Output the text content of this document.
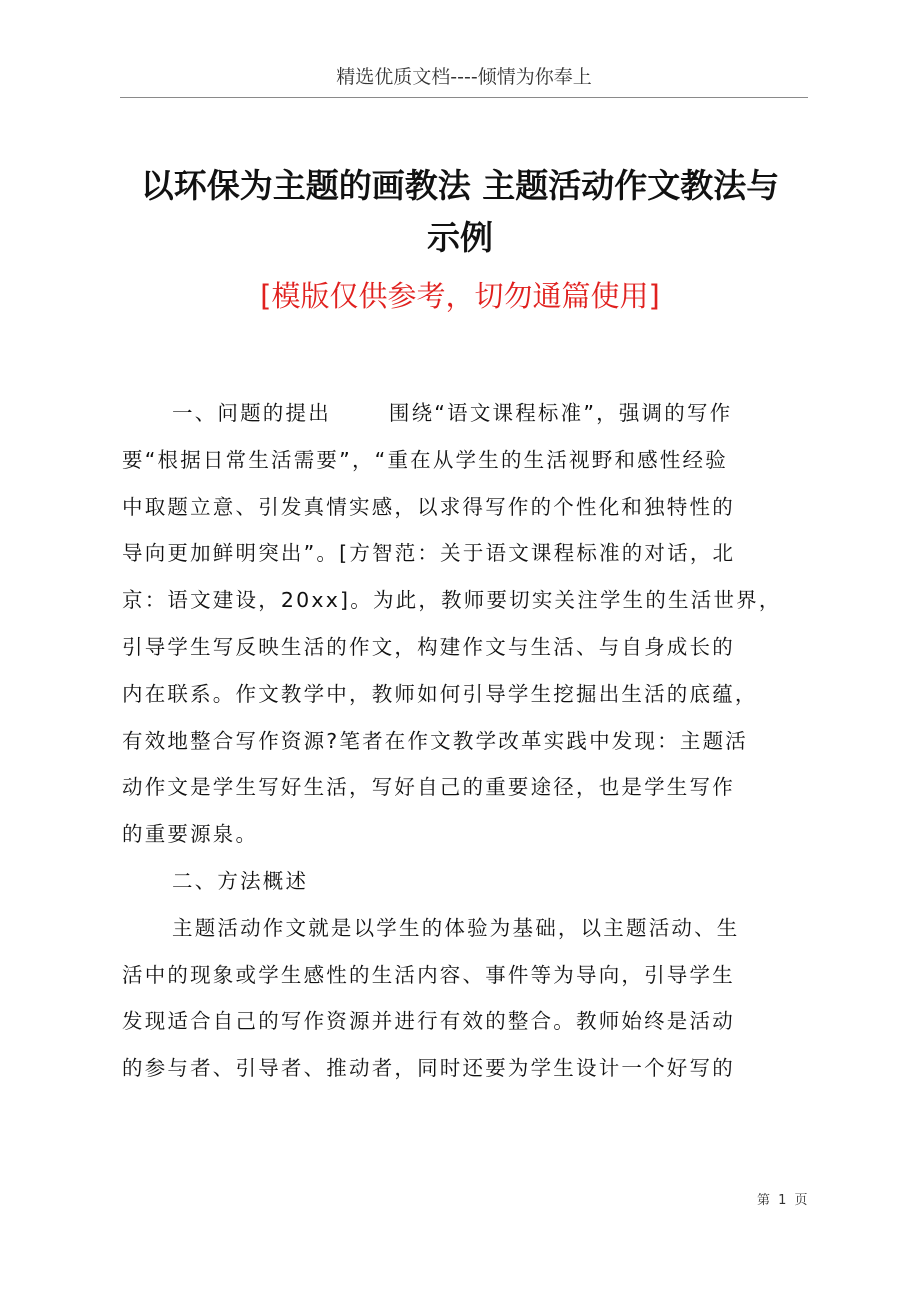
精选优质文档----倾情为你奉上
以环保为主题的画教法 主题活动作文教法与
示例
[模版仅供参考，切勿通篇使用]
一、问题的提出	围绕“语文课程标准”，强调的写作
要“根据日常生活需要”，“重在从学生的生活视野和感性经验
中取题立意、引发真情实感，以求得写作的个性化和独特性的
导向更加鲜明突出”。[方智范：关于语文课程标准的对话，北
京：语文建设，20xx]。为此，教师要切实关注学生的生活世界，
引导学生写反映生活的作文，构建作文与生活、与自身成长的
内在联系。作文教学中，教师如何引导学生挖掘出生活的底蕴，
有效地整合写作资源?笔者在作文教学改革实践中发现：主题活
动作文是学生写好生活，写好自己的重要途径，也是学生写作
的重要源泉。
二、方法概述
主题活动作文就是以学生的体验为基础，以主题活动、生
活中的现象或学生感性的生活内容、事件等为导向，引导学生
发现适合自己的写作资源并进行有效的整合。教师始终是活动
的参与者、引导者、推动者，同时还要为学生设计一个好写的
第 1 页
